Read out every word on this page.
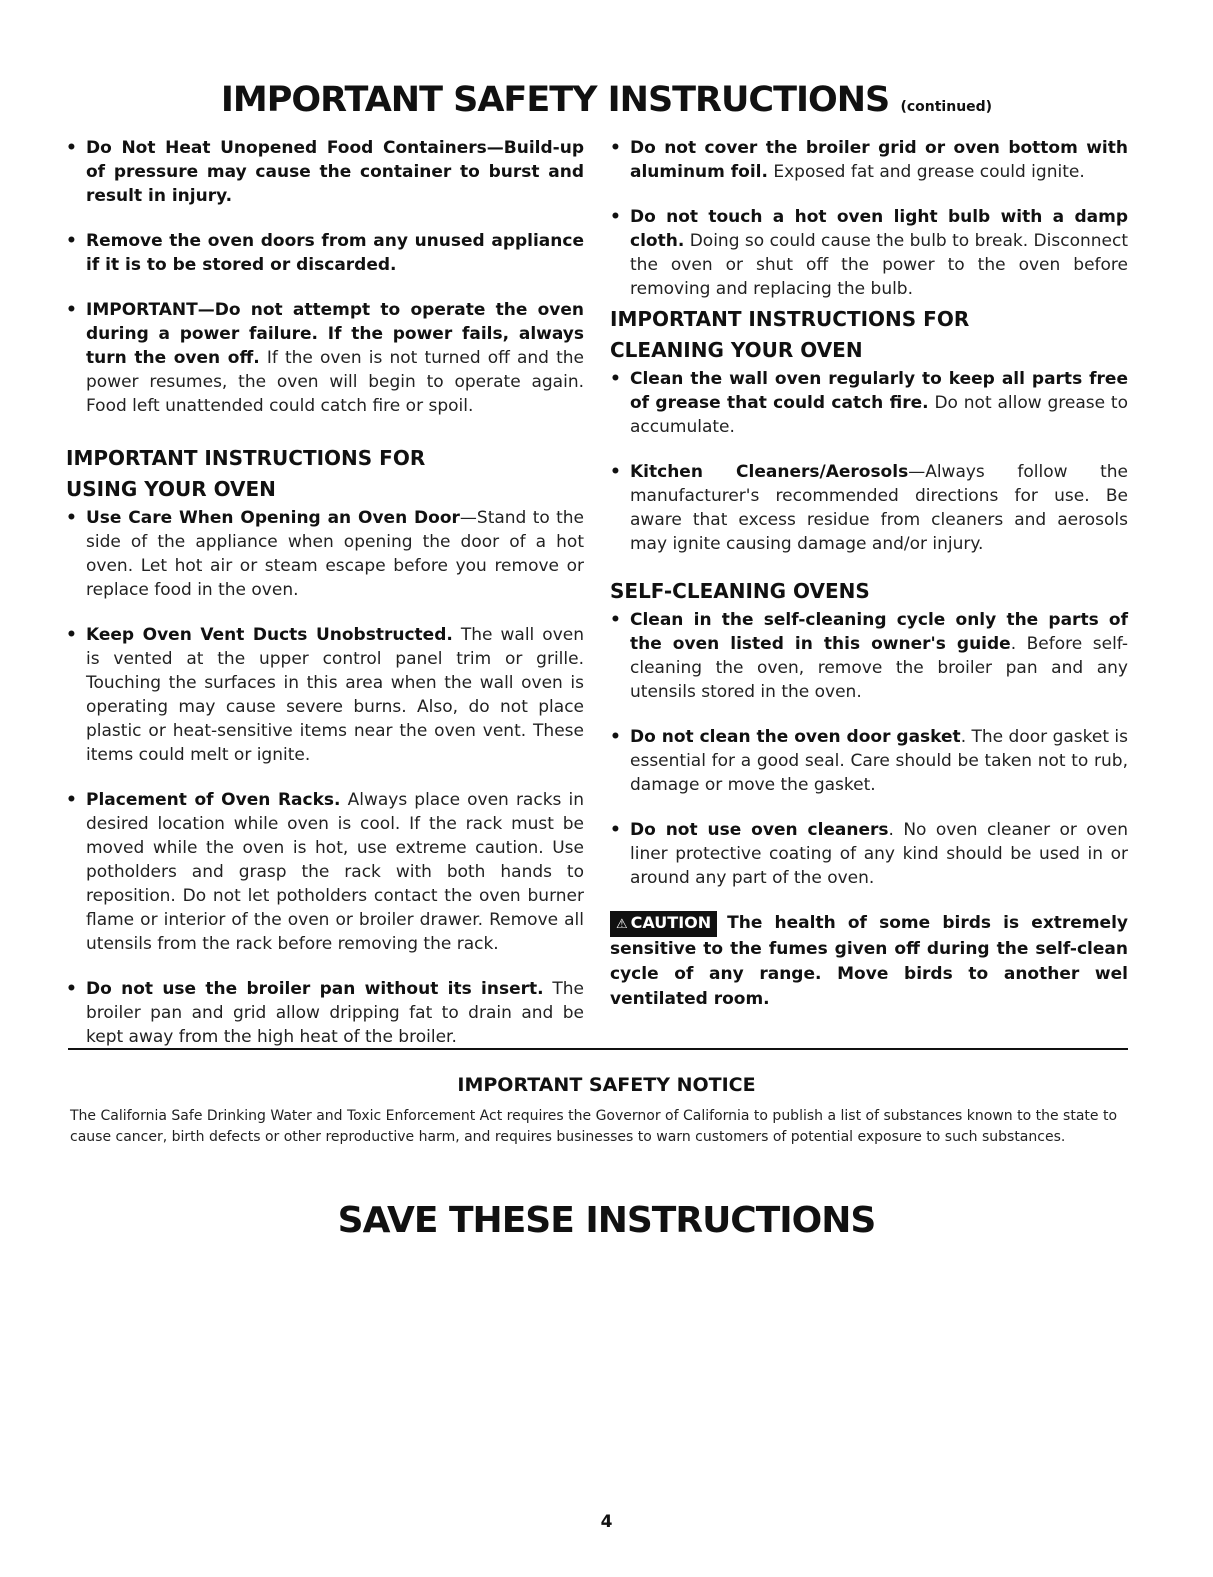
IMPORTANT SAFETY INSTRUCTIONS (continued)
• Do Not Heat Unopened Food Containers—Build-up of pressure may cause the container to burst and result in injury.
• Remove the oven doors from any unused appliance if it is to be stored or discarded.
• IMPORTANT—Do not attempt to operate the oven during a power failure. If the power fails, always turn the oven off. If the oven is not turned off and the power resumes, the oven will begin to operate again. Food left unattended could catch fire or spoil.
IMPORTANT INSTRUCTIONS FOR
USING YOUR OVEN
• Use Care When Opening an Oven Door—Stand to the side of the appliance when opening the door of a hot oven. Let hot air or steam escape before you remove or replace food in the oven.
• Keep Oven Vent Ducts Unobstructed. The wall oven is vented at the upper control panel trim or grille. Touching the surfaces in this area when the wall oven is operating may cause severe burns. Also, do not place plastic or heat-sensitive items near the oven vent. These items could melt or ignite.
• Placement of Oven Racks. Always place oven racks in desired location while oven is cool. If the rack must be moved while the oven is hot, use extreme caution. Use potholders and grasp the rack with both hands to reposition. Do not let potholders contact the oven burner flame or interior of the oven or broiler drawer. Remove all utensils from the rack before removing the rack.
• Do not use the broiler pan without its insert. The broiler pan and grid allow dripping fat to drain and be kept away from the high heat of the broiler.
• Do not cover the broiler grid or oven bottom with aluminum foil. Exposed fat and grease could ignite.
• Do not touch a hot oven light bulb with a damp cloth. Doing so could cause the bulb to break. Disconnect the oven or shut off the power to the oven before removing and replacing the bulb.
IMPORTANT INSTRUCTIONS FOR
CLEANING YOUR OVEN
• Clean the wall oven regularly to keep all parts free of grease that could catch fire. Do not allow grease to accumulate.
• Kitchen Cleaners/Aerosols—Always follow the manufacturer's recommended directions for use. Be aware that excess residue from cleaners and aerosols may ignite causing damage and/or injury.
SELF-CLEANING OVENS
• Clean in the self-cleaning cycle only the parts of the oven listed in this owner's guide. Before self-cleaning the oven, remove the broiler pan and any utensils stored in the oven.
• Do not clean the oven door gasket. The door gasket is essential for a good seal. Care should be taken not to rub, damage or move the gasket.
• Do not use oven cleaners. No oven cleaner or oven liner protective coating of any kind should be used in or around any part of the oven.
⚠ CAUTION The health of some birds is extremely sensitive to the fumes given off during the self-clean cycle of any range. Move birds to another wel ventilated room.
IMPORTANT SAFETY NOTICE
The California Safe Drinking Water and Toxic Enforcement Act requires the Governor of California to publish a list of substances known to the state to cause cancer, birth defects or other reproductive harm, and requires businesses to warn customers of potential exposure to such substances.
SAVE THESE INSTRUCTIONS
4
